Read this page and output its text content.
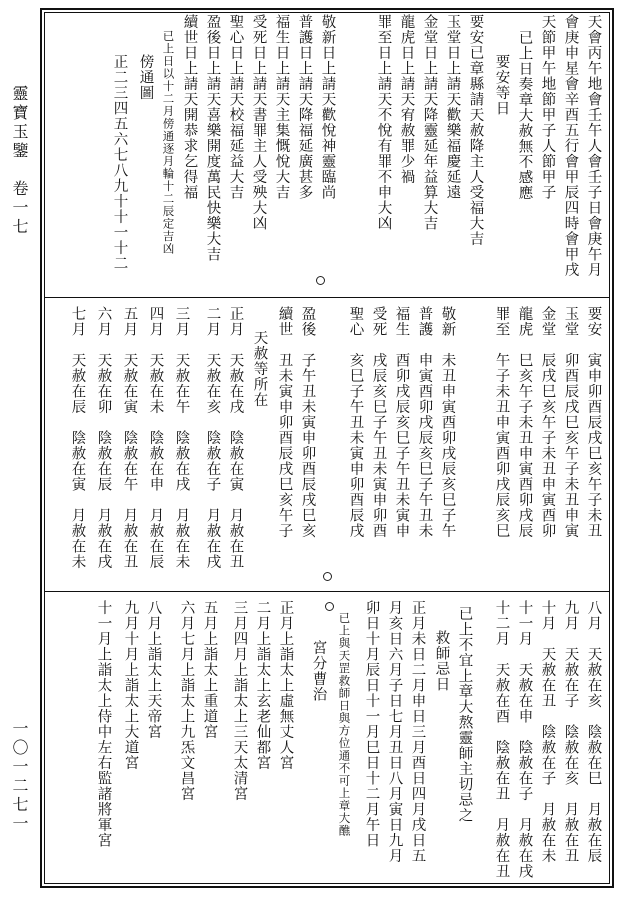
靈寶玉鑒　卷一七
一〇一二七一
天會丙午地會壬午人會壬子日會庚午月
會庚申星會辛酉五行會甲辰四時會甲戌
天節甲午地節甲子人節甲子
已上日奏章大赦無不感應
要安等日
要安已章縣請天赦降主人受福大吉
玉堂日上請天歡樂福慶延遠
金堂日上請天降靈延年益算大吉
龍虎日上請天宥赦罪少禍
罪至日上請天不悅有罪不申大凶
敬新日上請天歡悅神靈臨尚
普護日上請天降福延廣甚多
福生日上請天主集慨悅大吉
受死日上請天書罪主人受殃大凶
聖心日上請天校福延益大吉
盈後日上請天喜樂開度萬民快樂大吉
續世日上請天開恭求乞得福
已上日以十二月傍通逐月輪十二辰定吉凶
傍通圖
正二三四五六七八九十十一十二
要安　寅申卯酉辰戌巳亥午子未丑
玉堂　卯酉辰戌巳亥午子未丑申寅
金堂　辰戌巳亥午子未丑申寅酉卯
龍虎　巳亥午子未丑申寅酉卯戌辰
罪至　午子未丑申寅酉卯戌辰亥巳
敬新　未丑申寅酉卯戌辰亥巳子午
普護　申寅酉卯戌辰亥巳子午丑未
福生　酉卯戌辰亥巳子午丑未寅申
受死　戌辰亥巳子午丑未寅申卯酉
聖心　亥巳子午丑未寅申卯酉辰戌
盈後　子午丑未寅申卯酉辰戌巳亥
續世　丑未寅申卯酉辰戌巳亥午子
天赦等所在
正月　天赦在戌　陰赦在寅　月赦在丑
二月　天赦在亥　陰赦在子　月赦在戌
三月　天赦在午　陰赦在戌　月赦在未
四月　天赦在未　陰赦在申　月赦在辰
五月　天赦在寅　陰赦在午　月赦在丑
六月　天赦在卯　陰赦在辰　月赦在戌
七月　天赦在辰　陰赦在寅　月赦在未
八月　天赦在亥　陰赦在巳　月赦在辰
九月　天赦在子　陰赦在亥　月赦在丑
十月　天赦在丑　陰赦在子　月赦在未
十一月　天赦在申　陰赦在子　月赦在戌
十二月　天赦在酉　陰赦在丑　月赦在丑
已上不宜上章大熬靈師主切忌之
救師忌日
正月未日二月申日三月酉日四月戌日五
月亥日六月子日七月丑日八月寅日九月
卯日十月辰日十一月巳日十二月午日
已上與天罡救師日與方位通不可上章大醮
宮分曹治
正月上詣太上虛無丈人宮
二月上詣太上玄老仙都宮
三月四月上詣太上三天太清宮
五月上詣太上重道宮
六月七月上詣太上九炁文昌宮
八月上詣太上天帝宮
九月十月上詣太上大道宮
十一月上詣太上侍中左右監諸將軍宮
